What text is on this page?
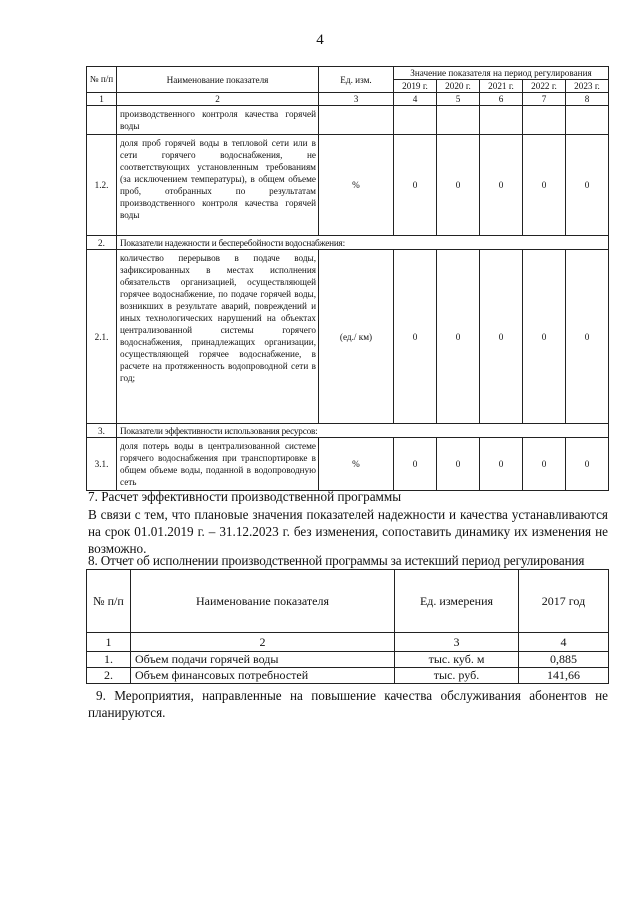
4
№ п/п	Наименование показателя	Ед. изм.	Значение показателя на период регулирования				
			2019 г.	2020 г.	2021 г.	2022 г.	2023 г.
1	2	3	4	5	6	7	8
	производственного контроля качества горячей воды						
1.2.	доля проб горячей воды в тепловой сети или в сети горячего водоснабжения, не соответствующих установленным требованиям (за исключением температуры), в общем объеме проб, отобранных по результатам производственного контроля качества горячей воды	%	0	0	0	0	0
2.	Показатели надежности и бесперебойности водоснабжения:						
2.1.	количество перерывов в подаче воды, зафиксированных в местах исполнения обязательств организацией, осуществляющей горячее водоснабжение, по подаче горячей воды, возникших в результате аварий, повреждений и иных технологических нарушений на объектах централизованной системы горячего водоснабжения, принадлежащих организации, осуществляющей горячее водоснабжение, в расчете на протяженность водопроводной сети в год;	(ед./ км)	0	0	0	0	0
3.	Показатели эффективности использования ресурсов:						
3.1.	доля потерь воды в централизованной системе горячего водоснабжения при транспортировке в общем объеме воды, поданной в водопроводную сеть	%	0	0	0	0	0
7. Расчет эффективности производственной программы
В связи с тем, что плановые значения показателей надежности и качества устанавливаются на срок 01.01.2019 г. – 31.12.2023 г. без изменения, сопоставить динамику их изменения не возможно.
8. Отчет об исполнении производственной программы за истекший период регулирования
№ п/п	Наименование показателя	Ед. измерения	2017 год
1	2	3	4
1.	Объем подачи горячей воды	тыс. куб. м	0,885
2.	Объем финансовых потребностей	тыс. руб.	141,66
9. Мероприятия, направленные на повышение качества обслуживания абонентов не планируются.
